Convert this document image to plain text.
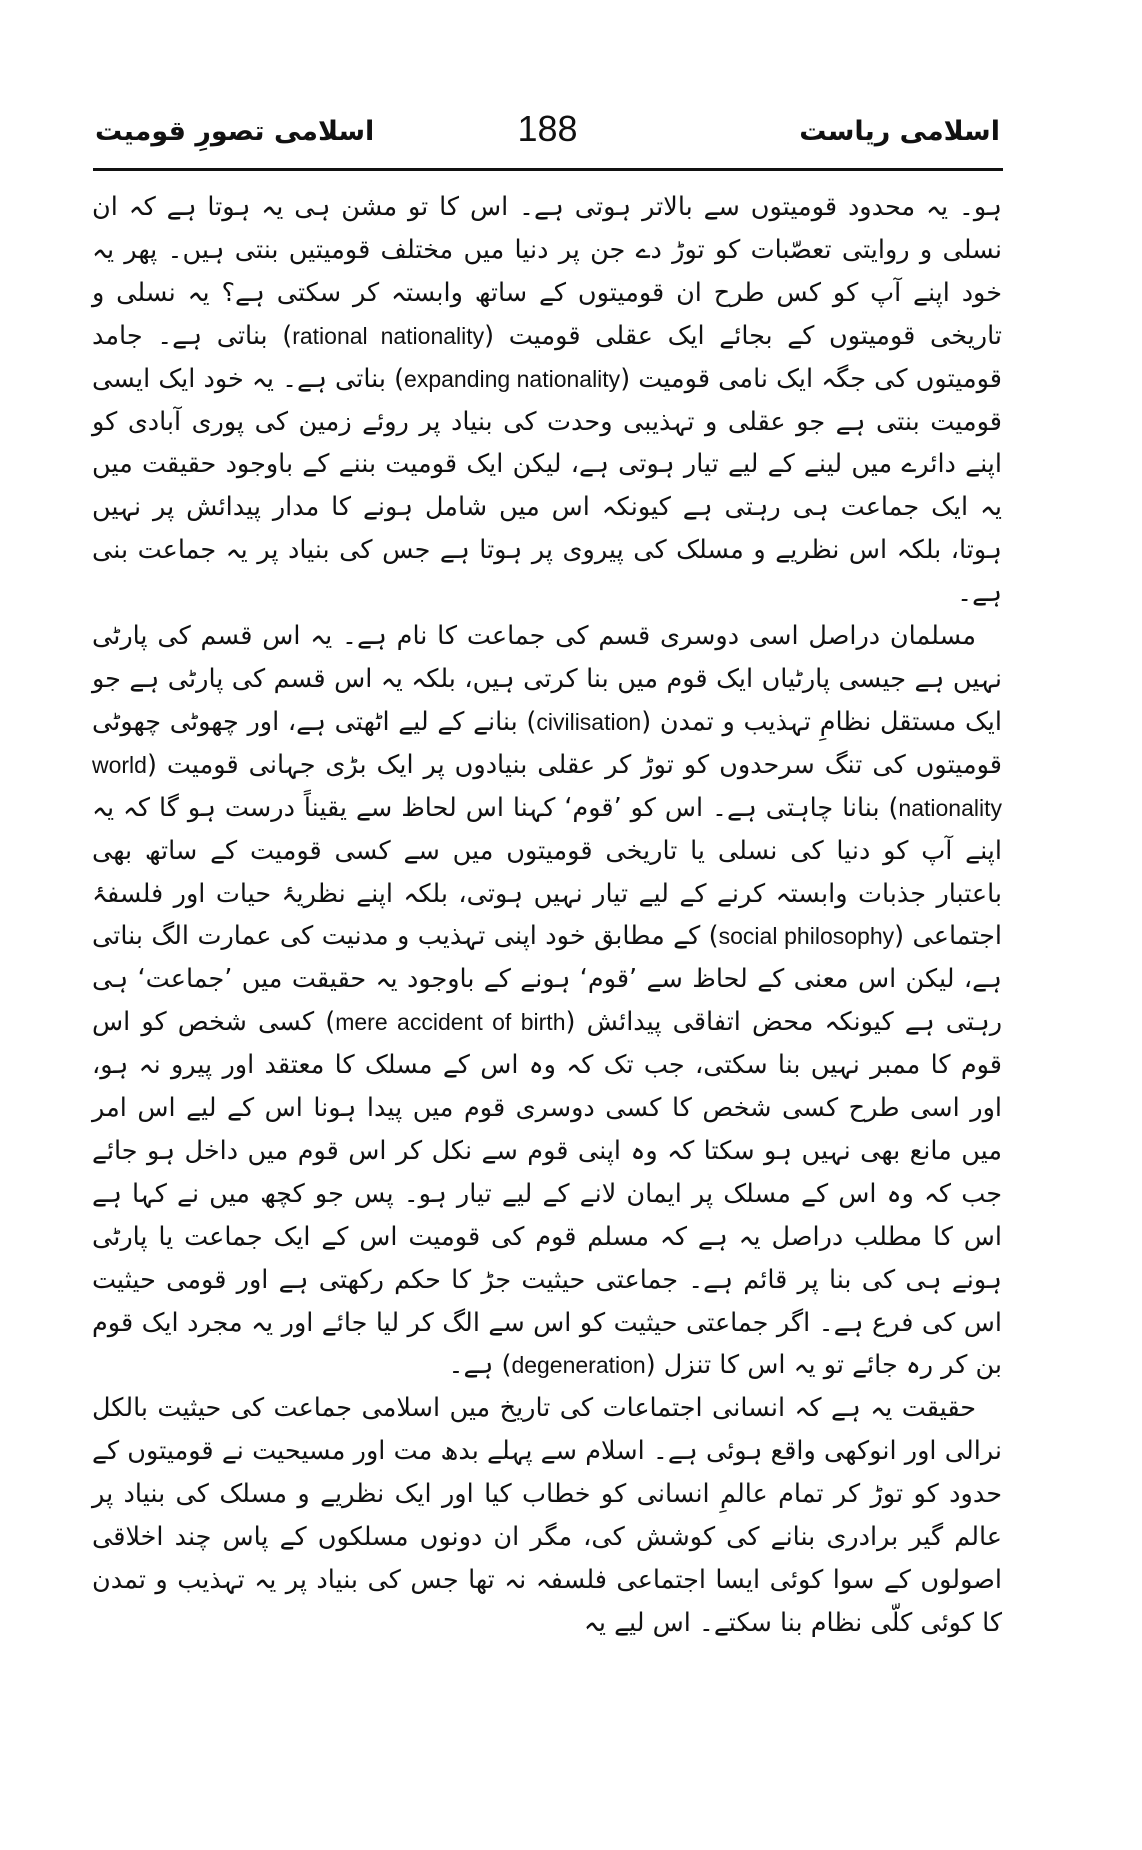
اسلامی ریاست
188
اسلامی تصورِ قومیت

ہو۔ یہ محدود قومیتوں سے بالاتر ہوتی ہے۔ اس کا تو مشن ہی یہ ہوتا ہے کہ ان نسلی و روایتی تعصّبات کو توڑ دے جن پر دنیا میں مختلف قومیتیں بنتی ہیں۔ پھر یہ خود اپنے آپ کو کس طرح ان قومیتوں کے ساتھ وابستہ کر سکتی ہے؟ یہ نسلی و تاریخی قومیتوں کے بجائے ایک عقلی قومیت (rational nationality) بناتی ہے۔ جامد قومیتوں کی جگہ ایک نامی قومیت (expanding nationality) بناتی ہے۔ یہ خود ایک ایسی قومیت بنتی ہے جو عقلی و تہذیبی وحدت کی بنیاد پر روئے زمین کی پوری آبادی کو اپنے دائرے میں لینے کے لیے تیار ہوتی ہے، لیکن ایک قومیت بننے کے باوجود حقیقت میں یہ ایک جماعت ہی رہتی ہے کیونکہ اس میں شامل ہونے کا مدار پیدائش پر نہیں ہوتا، بلکہ اس نظریے و مسلک کی پیروی پر ہوتا ہے جس کی بنیاد پر یہ جماعت بنی ہے۔

مسلمان دراصل اسی دوسری قسم کی جماعت کا نام ہے۔ یہ اس قسم کی پارٹی نہیں ہے جیسی پارٹیاں ایک قوم میں بنا کرتی ہیں، بلکہ یہ اس قسم کی پارٹی ہے جو ایک مستقل نظامِ تہذیب و تمدن (civilisation) بنانے کے لیے اٹھتی ہے، اور چھوٹی چھوٹی قومیتوں کی تنگ سرحدوں کو توڑ کر عقلی بنیادوں پر ایک بڑی جہانی قومیت (world nationality) بنانا چاہتی ہے۔ اس کو ’قوم‘ کہنا اس لحاظ سے یقیناً درست ہو گا کہ یہ اپنے آپ کو دنیا کی نسلی یا تاریخی قومیتوں میں سے کسی قومیت کے ساتھ بھی باعتبار جذبات وابستہ کرنے کے لیے تیار نہیں ہوتی، بلکہ اپنے نظریۂ حیات اور فلسفۂ اجتماعی (social philosophy) کے مطابق خود اپنی تہذیب و مدنیت کی عمارت الگ بناتی ہے، لیکن اس معنی کے لحاظ سے ’قوم‘ ہونے کے باوجود یہ حقیقت میں ’جماعت‘ ہی رہتی ہے کیونکہ محض اتفاقی پیدائش (mere accident of birth) کسی شخص کو اس قوم کا ممبر نہیں بنا سکتی، جب تک کہ وہ اس کے مسلک کا معتقد اور پیرو نہ ہو، اور اسی طرح کسی شخص کا کسی دوسری قوم میں پیدا ہونا اس کے لیے اس امر میں مانع بھی نہیں ہو سکتا کہ وہ اپنی قوم سے نکل کر اس قوم میں داخل ہو جائے جب کہ وہ اس کے مسلک پر ایمان لانے کے لیے تیار ہو۔ پس جو کچھ میں نے کہا ہے اس کا مطلب دراصل یہ ہے کہ مسلم قوم کی قومیت اس کے ایک جماعت یا پارٹی ہونے ہی کی بنا پر قائم ہے۔ جماعتی حیثیت جڑ کا حکم رکھتی ہے اور قومی حیثیت اس کی فرع ہے۔ اگر جماعتی حیثیت کو اس سے الگ کر لیا جائے اور یہ مجرد ایک قوم بن کر رہ جائے تو یہ اس کا تنزل (degeneration) ہے۔

حقیقت یہ ہے کہ انسانی اجتماعات کی تاریخ میں اسلامی جماعت کی حیثیت بالکل نرالی اور انوکھی واقع ہوئی ہے۔ اسلام سے پہلے بدھ مت اور مسیحیت نے قومیتوں کے حدود کو توڑ کر تمام عالمِ انسانی کو خطاب کیا اور ایک نظریے و مسلک کی بنیاد پر عالم گیر برادری بنانے کی کوشش کی، مگر ان دونوں مسلکوں کے پاس چند اخلاقی اصولوں کے سوا کوئی ایسا اجتماعی فلسفہ نہ تھا جس کی بنیاد پر یہ تہذیب و تمدن کا کوئی کلّی نظام بنا سکتے۔ اس لیے یہ
